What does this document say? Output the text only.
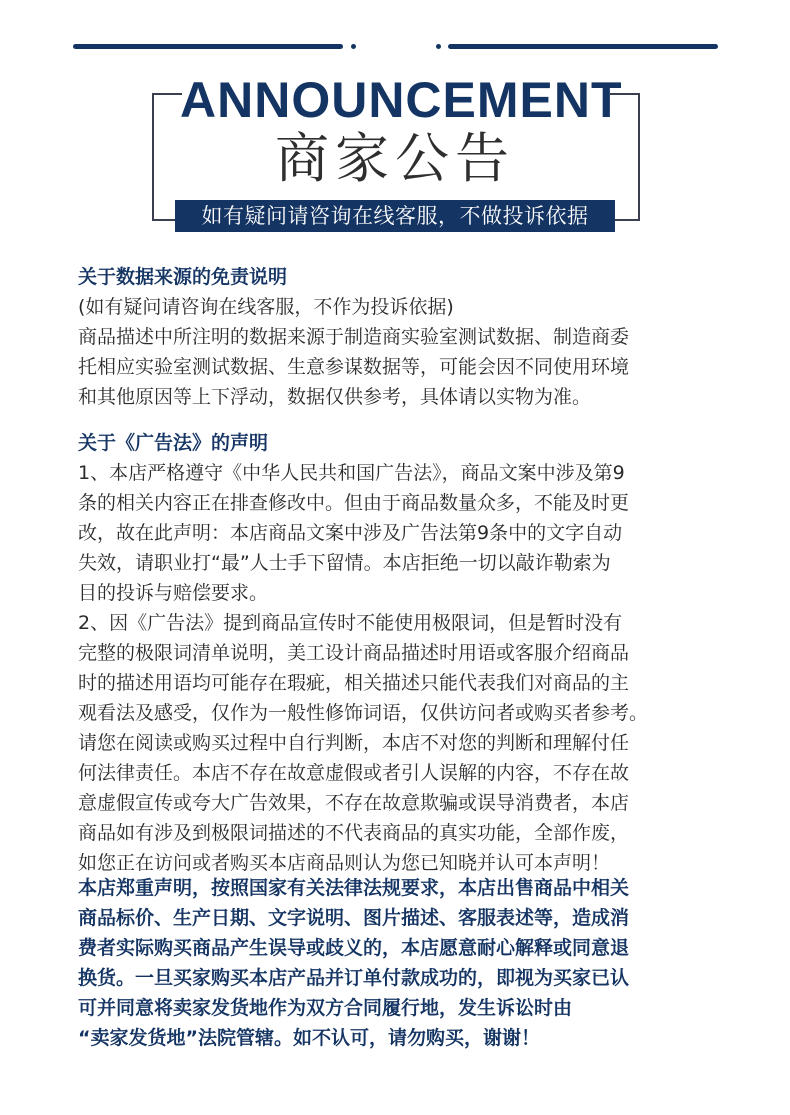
ANNOUNCEMENT
商家公告
如有疑问请咨询在线客服，不做投诉依据

关于数据来源的免责说明

(如有疑问请咨询在线客服，不作为投诉依据)

商品描述中所注明的数据来源于制造商实验室测试数据、制造商委

托相应实验室测试数据、生意参谋数据等，可能会因不同使用环境

和其他原因等上下浮动，数据仅供参考，具体请以实物为准。

关于《广告法》的声明

1、本店严格遵守《中华人民共和国广告法》，商品文案中涉及第9

条的相关内容正在排查修改中。但由于商品数量众多，不能及时更

改，故在此声明：本店商品文案中涉及广告法第9条中的文字自动

失效，请职业打“最”人士手下留情。本店拒绝一切以敲诈勒索为

目的投诉与赔偿要求。

2、因《广告法》提到商品宣传时不能使用极限词，但是暂时没有

完整的极限词清单说明，美工设计商品描述时用语或客服介绍商品

时的描述用语均可能存在瑕疵，相关描述只能代表我们对商品的主

观看法及感受，仅作为一般性修饰词语，仅供访问者或购买者参考。

请您在阅读或购买过程中自行判断，本店不对您的判断和理解付任

何法律责任。本店不存在故意虚假或者引人误解的内容，不存在故

意虚假宣传或夸大广告效果，不存在故意欺骗或误导消费者，本店

商品如有涉及到极限词描述的不代表商品的真实功能，全部作废，

如您正在访问或者购买本店商品则认为您已知晓并认可本声明！

本店郑重声明，按照国家有关法律法规要求，本店出售商品中相关

商品标价、生产日期、文字说明、图片描述、客服表述等，造成消

费者实际购买商品产生误导或歧义的，本店愿意耐心解释或同意退

换货。一旦买家购买本店产品并订单付款成功的，即视为买家已认

可并同意将卖家发货地作为双方合同履行地，发生诉讼时由

“卖家发货地”法院管辖。如不认可，请勿购买，谢谢！
